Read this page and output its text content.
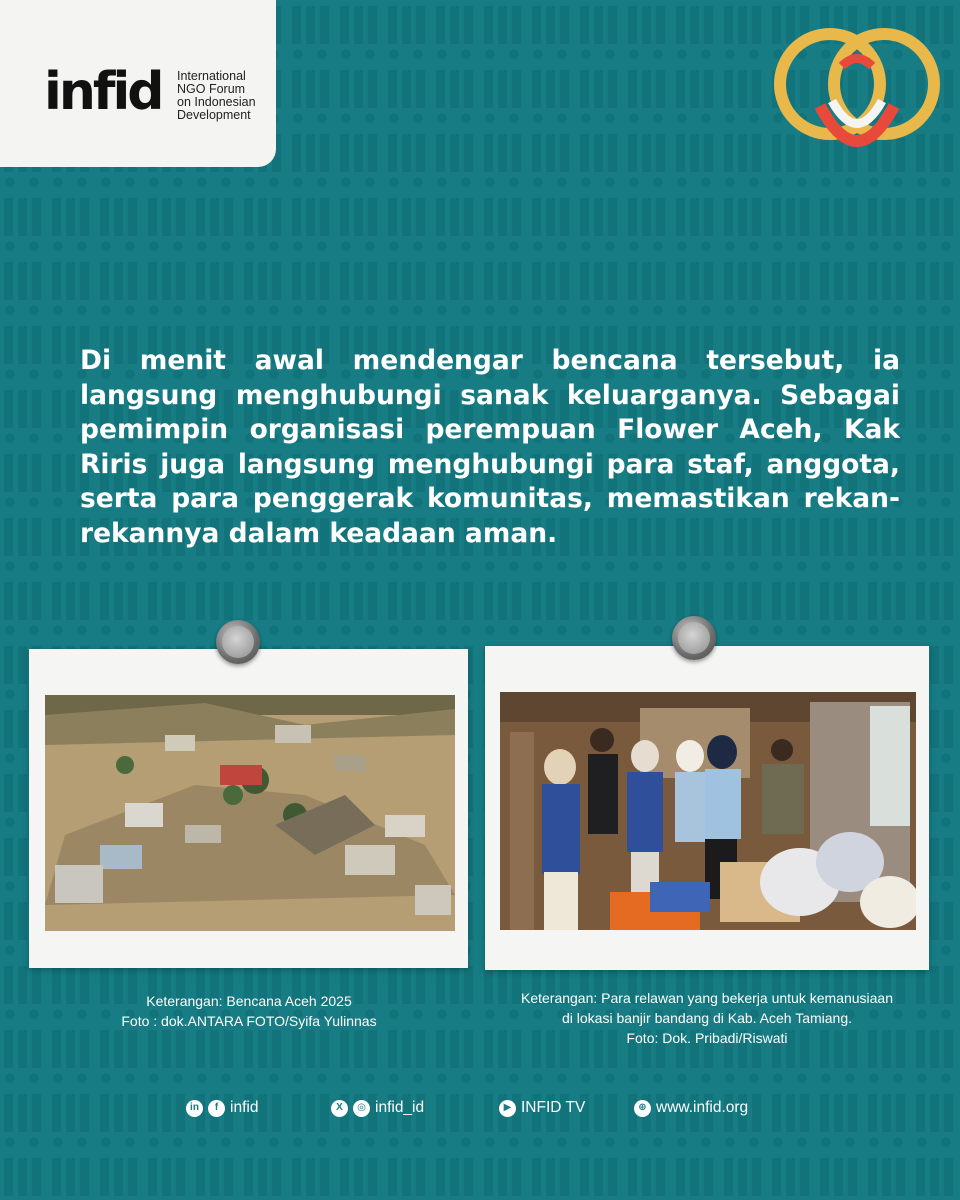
infid International
NGO Forum
on Indonesian
Development

Di menit awal mendengar bencana tersebut, ia langsung menghubungi sanak keluarganya. Sebagai pemimpin organisasi perempuan Flower Aceh, Kak Riris juga langsung menghubungi para staf, anggota, serta para penggerak komunitas, memastikan rekan-rekannya dalam keadaan aman.

Keterangan: Bencana Aceh 2025
Foto : dok.ANTARA FOTO/Syifa Yulinnas
Keterangan: Para relawan yang bekerja untuk kemanusiaan
di lokasi banjir bandang di Kab. Aceh Tamiang.
Foto: Dok. Pribadi/Riswati
in	f infid	X	◎ infid_id	▶ INFID TV	⊕ www.infid.org
